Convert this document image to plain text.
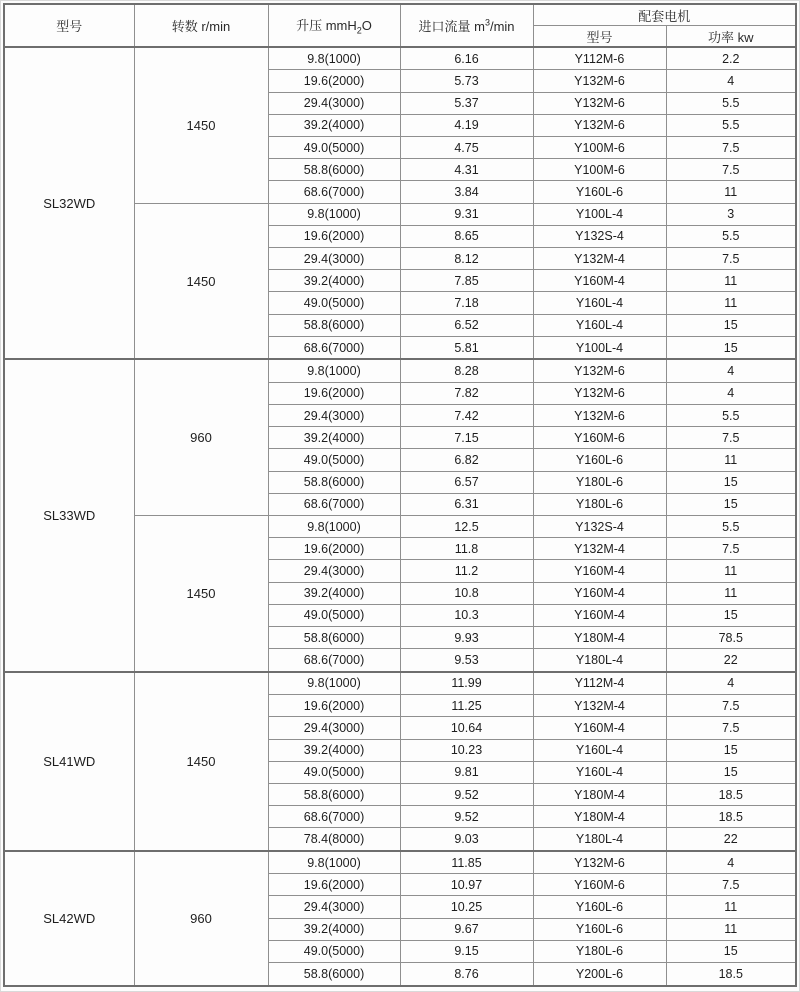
型号	转数 r/min	升压 mmH$_2$O	进口流量 $m^3/\min$	配套电机	
				型号	功率 kw
SL32WD	1450	9.8(1000)	6.16	Y112M-6	2.2
		19.6(2000)	5.73	Y132M-6	4
		29.4(3000)	5.37	Y132M-6	5.5
		39.2(4000)	4.19	Y132M-6	5.5
		49.0(5000)	4.75	Y100M-6	7.5
		58.8(6000)	4.31	Y100M-6	7.5
		68.6(7000)	3.84	Y160L-6	11
	1450	9.8(1000)	9.31	Y100L-4	3
		19.6(2000)	8.65	Y132S-4	5.5
		29.4(3000)	8.12	Y132M-4	7.5
		39.2(4000)	7.85	Y160M-4	11
		49.0(5000)	7.18	Y160L-4	11
		58.8(6000)	6.52	Y160L-4	15
		68.6(7000)	5.81	Y100L-4	15
SL33WD	960	9.8(1000)	8.28	Y132M-6	4
		19.6(2000)	7.82	Y132M-6	4
		29.4(3000)	7.42	Y132M-6	5.5
		39.2(4000)	7.15	Y160M-6	7.5
		49.0(5000)	6.82	Y160L-6	11
		58.8(6000)	6.57	Y180L-6	15
		68.6(7000)	6.31	Y180L-6	15
	1450	9.8(1000)	12.5	Y132S-4	5.5
		19.6(2000)	11.8	Y132M-4	7.5
		29.4(3000)	11.2	Y160M-4	11
		39.2(4000)	10.8	Y160M-4	11
		49.0(5000)	10.3	Y160M-4	15
		58.8(6000)	9.93	Y180M-4	78.5
		68.6(7000)	9.53	Y180L-4	22
SL41WD	1450	9.8(1000)	11.99	Y112M-4	4
		19.6(2000)	11.25	Y132M-4	7.5
		29.4(3000)	10.64	Y160M-4	7.5
		39.2(4000)	10.23	Y160L-4	15
		49.0(5000)	9.81	Y160L-4	15
		58.8(6000)	9.52	Y180M-4	18.5
		68.6(7000)	9.52	Y180M-4	18.5
		78.4(8000)	9.03	Y180L-4	22
SL42WD	960	9.8(1000)	11.85	Y132M-6	4
		19.6(2000)	10.97	Y160M-6	7.5
		29.4(3000)	10.25	Y160L-6	11
		39.2(4000)	9.67	Y160L-6	11
		49.0(5000)	9.15	Y180L-6	15
		58.8(6000)	8.76	Y200L-6	18.5
